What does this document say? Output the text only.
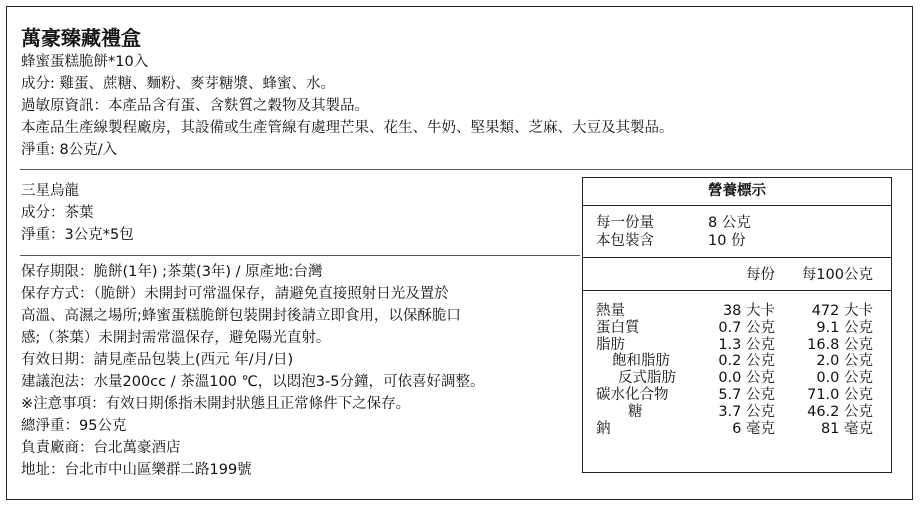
萬豪臻藏禮盒
蜂蜜蛋糕脆餅*10入
成分: 雞蛋、蔗糖、麵粉、麥芽糖漿、蜂蜜、水。
過敏原資訊：本產品含有蛋、含麩質之穀物及其製品。
本產品生產線製程廠房，其設備或生產管線有處理芒果、花生、牛奶、堅果類、芝麻、大豆及其製品。
淨重: 8公克/入
三星烏龍
成分：茶葉
淨重：3公克*5包
保存期限：脆餅(1年) ;茶葉(3年) / 原產地:台灣
保存方式：（脆餅）未開封可常溫保存，請避免直接照射日光及置於
高溫、高濕之場所;蜂蜜蛋糕脆餅包裝開封後請立即食用，以保酥脆口
感;（茶葉）未開封需常溫保存，避免陽光直射。
有效日期：請見產品包裝上(西元 年/月/日)
建議泡法：水量200cc / 茶溫100 ℃，以悶泡3-5分鐘，可依喜好調整。
※注意事項：有效日期係指未開封狀態且正常條件下之保存。
總淨重：95公克
負責廠商：台北萬豪酒店
地址：台北市中山區樂群二路199號
營養標示
每一份量	8 公克
本包裝含	10 份
每份	每100公克
熱量	38 大卡	472 大卡
蛋白質	0.7 公克	9.1 公克
脂肪	1.3 公克	16.8 公克
飽和脂肪	0.2 公克	2.0 公克
反式脂肪	0.0 公克	0.0 公克
碳水化合物	5.7 公克	71.0 公克
糖	3.7 公克	46.2 公克
鈉	6 毫克	81 毫克
